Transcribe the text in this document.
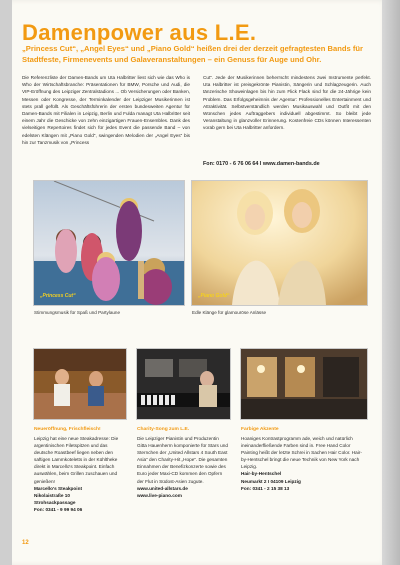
Damenpower aus L.E.
„Princess Cut“, „Angel Eyes“ und „Piano Gold“ heißen drei der derzeit gefragtesten Bands für Stadtfeste, Firmenevents und Galaveranstaltungen – ein Genuss für Auge und Ohr.
Die Referenzliste der Damen-Bands um Uta Halbritter liest sich wie das Who is Who der Wirtschaftsbranche: Präsentationen für BMW, Porsche und Audi, die VIP-Eröffnung des Leipziger Zentralstadions ... Ob Versicherungen oder Banken, Messen oder Kongresse, der Terminkalender der Leipziger Musikerinnen ist stets prall gefüllt. Als Geschäftsführerin der ersten bundesweiten Agentur für Damen-Bands mit Filialen in Leipzig, Berlin und Fulda managt Uta Halbritter seit einem Jahr die Geschicke von zehn einzigartigen Frauen-Ensembles. Dank des vielseitigen Repertoires findet sich für jedes Event die passende Band – von edelsten Klängen mit „Piano Gold“, swingenden Melodien der „Angel Eyes“ bis hin zur Tanzmusik von „Princess
Cut“. Jede der Musikerinnen beherrscht mindestens zwei Instrumente perfekt. Uta Halbritter ist preisgekrönte Pianistin, Sängerin und Schlagzeugerin. Auch tänzerische Showeinlagen bis hin zum Flick Flack sind für die 24-Jährige kein Problem. Das Erfolgsgeheimnis der Agentur: Professionelles Entertainment und Attraktivität. Selbstverständlich werden Musikauswahl und Outfit mit den Wünschen jedes Auftraggebers individuell abgestimmt. So bleibt jede Veranstaltung in glanzvoller Erinnerung. Kostenfreie CDs können Interessenten vorab gern bei Uta Halbritter anfordern.
Fon: 0170 - 6 76 06 64 I www.damen-bands.de
„Princess Cut“
Stimmungsmusik für Spaß und Partylaune
„Piano Gold“
Edle Klänge für glamouröse Anlässe
Neueröffnung, Frischfleisch!
Leipzig hat eine neue Steakadresse: Die argentinischen Filetspitzen und das deutsche Roastbeef liegen neben den saftigen Lammkoteletts in der Kühltheke direkt in Marcello's Steakpoint. Einfach auswählen, beim Grillen zuschauen und genießen!
Marcello's Steakpoint
Nikolaistraße 10
Strohsackpassage
Fon: 0341 - 9 99 94 06
Charity-Song zum L.E.
Die Leipziger Pianistin und Produzentin Gitta Hauenherm komponierte für Stars und Sternchen der „United Allstars 4 South East Asia“ den Charity-Hit „Hope“. Die gesamten Einnahmen der Benefizkonzerte sowie des Euro jeder Maxi-CD kommen den Opfern der Flut in Südost-Asien zugute.
www.united-allstars.de
www.live-piano.com
Farbige Akzente
Hoaniges Kontrastprogramm ade, weich und natürlich ineinanderfließende Farben sind in. Free Hand Color Painting heißt der letzte Schrei in Sachen Hair Color. Hair-by-Hentschel bringt die neue Technik von New York nach Leipzig.
Hair-by-Hentschel
Neumarkt 2 I 04109 Leipzig
Fon: 0341 - 2 15 38 13
12
